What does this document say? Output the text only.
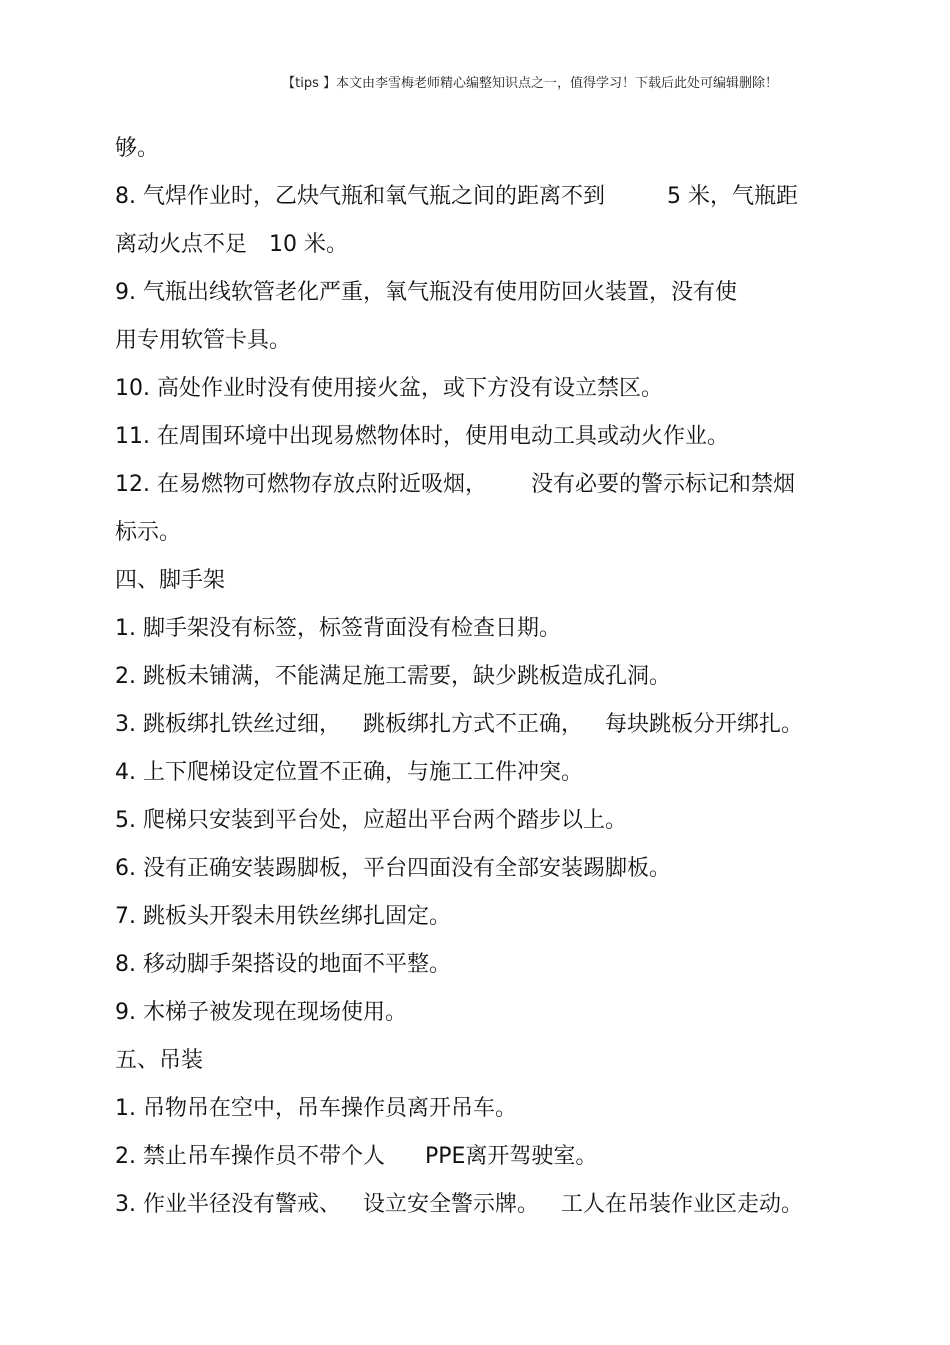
【tips 】本文由李雪梅老师精心编整知识点之一，值得学习！下载后此处可编辑删除！
够。
8. 气焊作业时，乙炔气瓶和氧气瓶之间的距离不到	5 米，气瓶距
离动火点不足 10 米。
9. 气瓶出线软管老化严重，氧气瓶没有使用防回火装置，没有使
用专用软管卡具。
10. 高处作业时没有使用接火盆，或下方没有设立禁区。
11. 在周围环境中出现易燃物体时，使用电动工具或动火作业。
12. 在易燃物可燃物存放点附近吸烟， 没有必要的警示标记和禁烟
标示。
四、脚手架
1. 脚手架没有标签，标签背面没有检查日期。
2. 跳板未铺满，不能满足施工需要，缺少跳板造成孔洞。
3. 跳板绑扎铁丝过细， 跳板绑扎方式不正确， 每块跳板分开绑扎。
4. 上下爬梯设定位置不正确，与施工工件冲突。
5. 爬梯只安装到平台处，应超出平台两个踏步以上。
6. 没有正确安装踢脚板，平台四面没有全部安装踢脚板。
7. 跳板头开裂未用铁丝绑扎固定。
8. 移动脚手架搭设的地面不平整。
9. 木梯子被发现在现场使用。
五、吊装
1. 吊物吊在空中，吊车操作员离开吊车。
2. 禁止吊车操作员不带个人 PPE离开驾驶室。
3. 作业半径没有警戒、 设立安全警示牌。 工人在吊装作业区走动。
